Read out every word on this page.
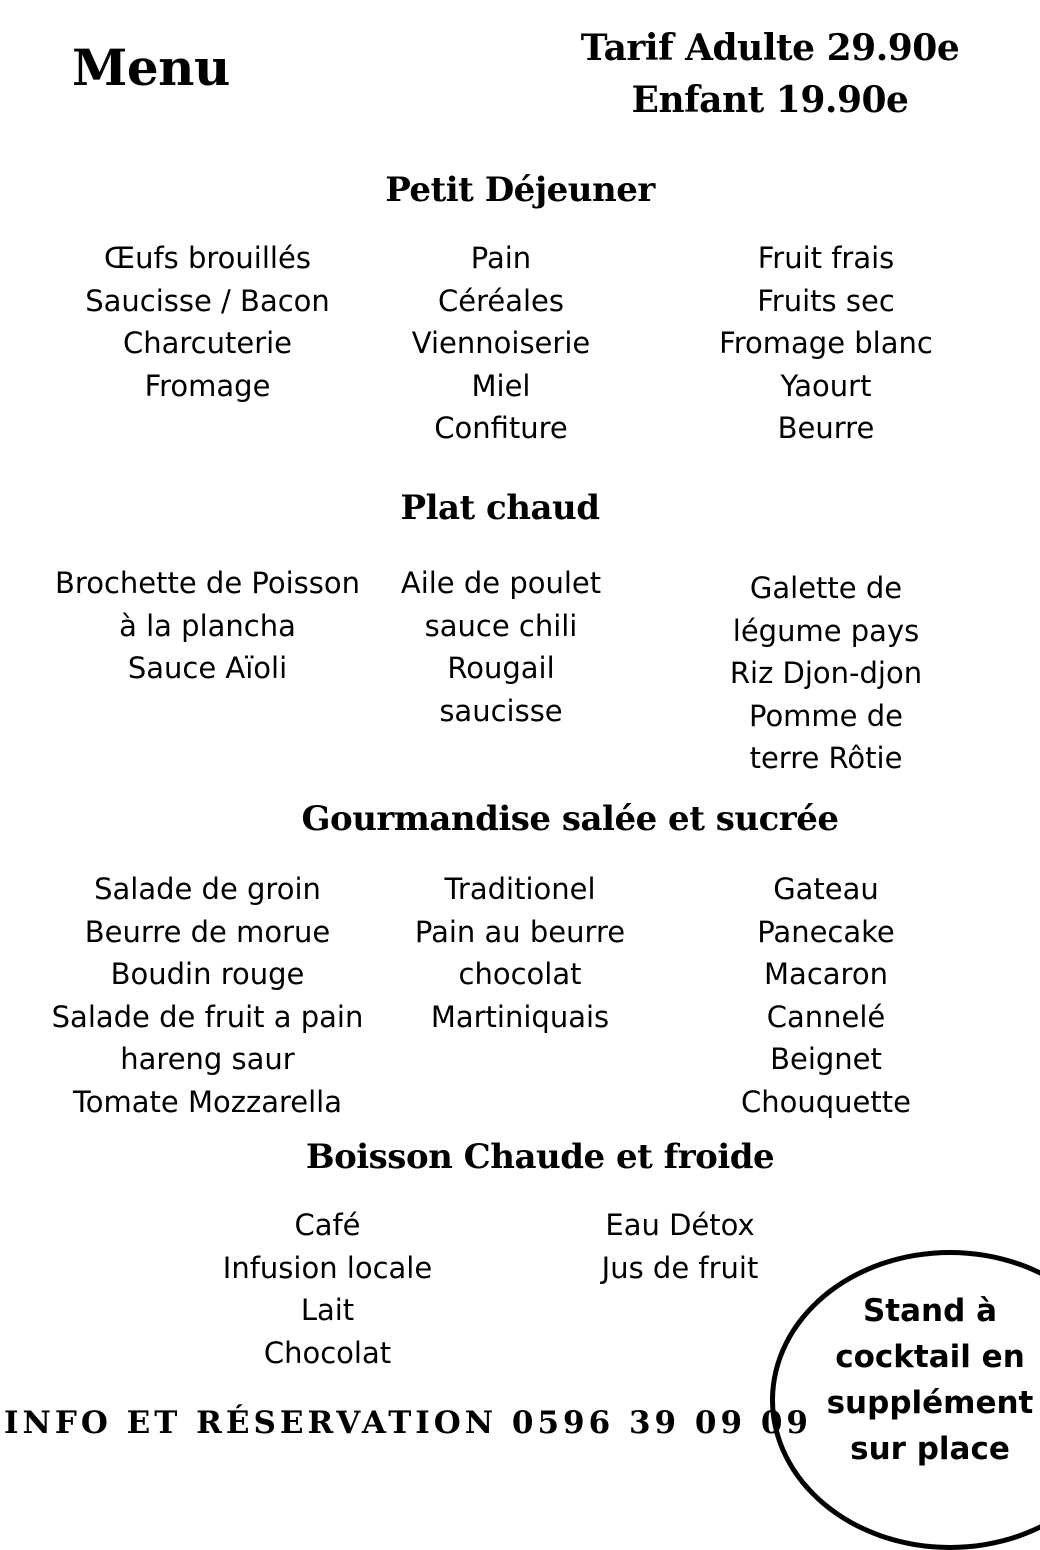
Menu	Tarif Adulte 29.90e
Enfant 19.90e
Petit Déjeuner
Œufs brouillés
Saucisse / Bacon
Charcuterie
Fromage
Pain
Céréales
Viennoiserie
Miel
Confiture
Fruit frais
Fruits sec
Fromage blanc
Yaourt
Beurre
Plat chaud
Brochette de Poisson
à la plancha
Sauce Aïoli
Aile de poulet
sauce chili
Rougail
saucisse
Galette de
légume pays
Riz Djon-djon
Pomme de
terre Rôtie
Gourmandise salée et sucrée
Salade de groin
Beurre de morue
Boudin rouge
Salade de fruit a pain
hareng saur
Tomate Mozzarella
Traditionel
Pain au beurre
chocolat
Martiniquais
Gateau
Panecake
Macaron
Cannelé
Beignet
Chouquette
Boisson Chaude et froide
Café
Infusion locale
Lait
Chocolat
Eau Détox
Jus de fruit
INFO ET RÉSERVATION 0596 39 09 09
Stand à
cocktail en
supplément
sur place
